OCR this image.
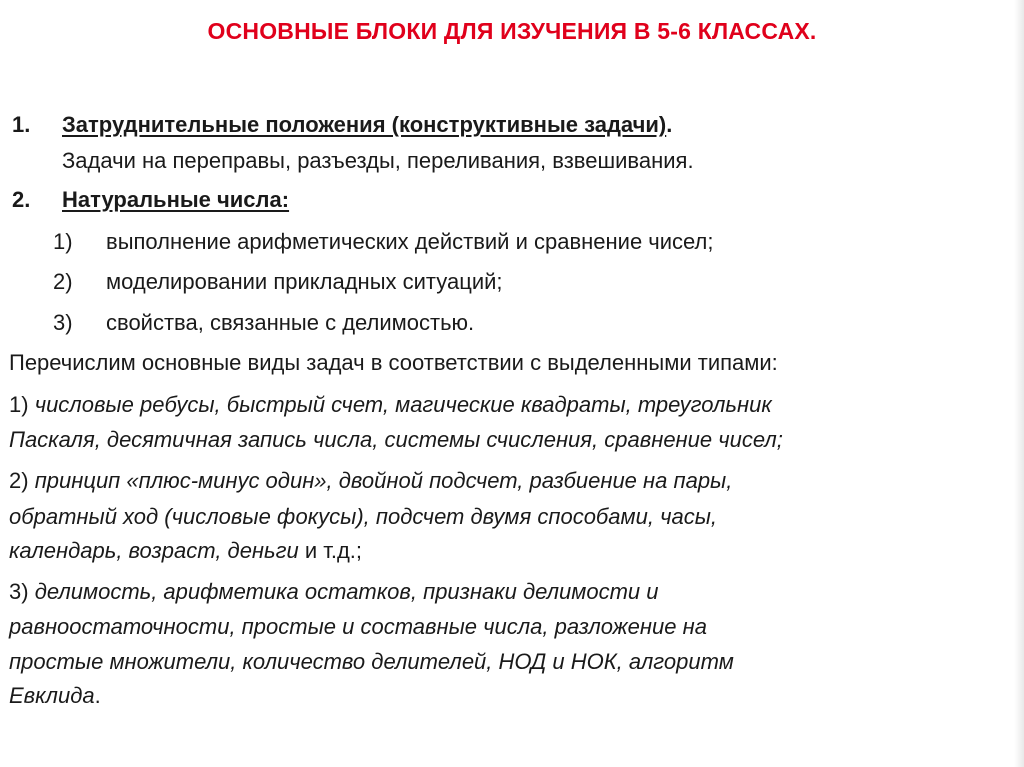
ОСНОВНЫЕ БЛОКИ ДЛЯ ИЗУЧЕНИЯ В 5-6 КЛАССАХ.
1. Затруднительные положения (конструктивные задачи).
Задачи на переправы, разъезды, переливания, взвешивания.
2. Натуральные числа:
1) выполнение арифметических действий и сравнение чисел;
2) моделировании прикладных ситуаций;
3) свойства, связанные с делимостью.
Перечислим основные виды задач в соответствии с выделенными типами:
1) числовые ребусы, быстрый счет, магические квадраты, треугольник
Паскаля, десятичная запись числа, системы счисления, сравнение чисел;
2) принцип «плюс-минус один», двойной подсчет, разбиение на пары,
обратный ход (числовые фокусы), подсчет двумя способами, часы,
календарь, возраст, деньги и т.д.;
3) делимость, арифметика остатков, признаки делимости и
равноостаточности, простые и составные числа, разложение на
простые множители, количество делителей, НОД и НОК, алгоритм
Евклида.
